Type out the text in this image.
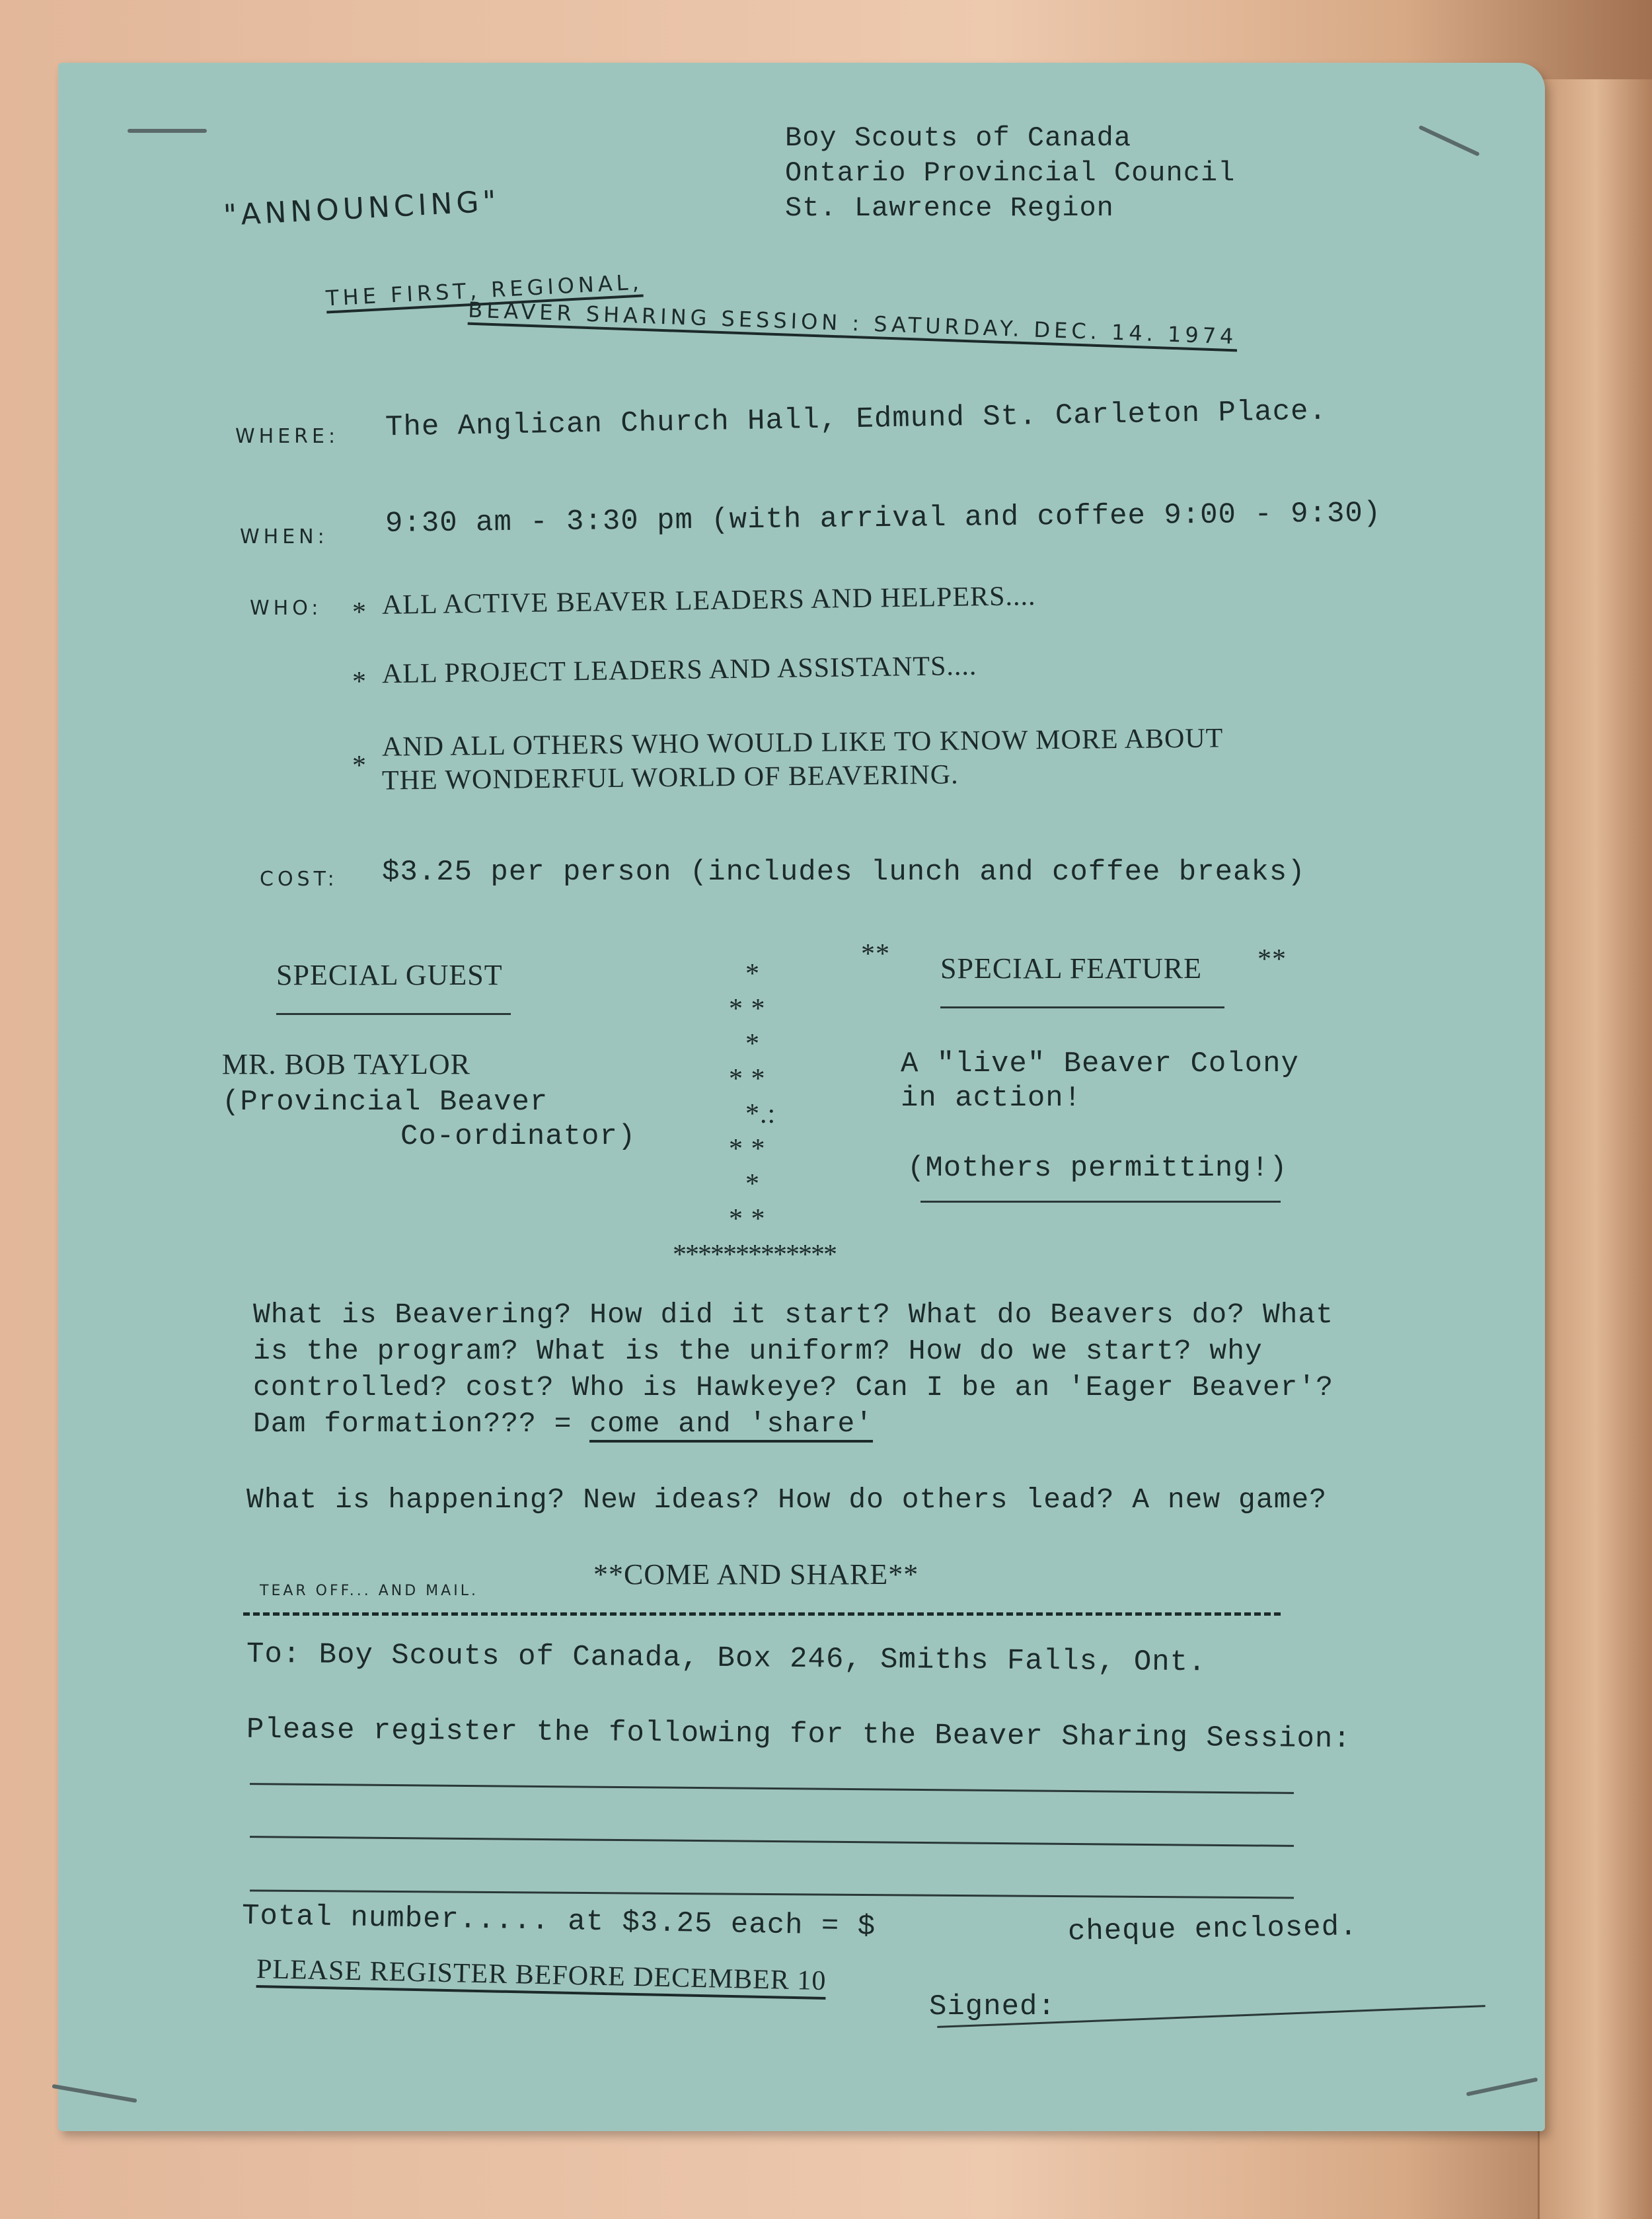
Boy Scouts of Canada
Ontario Provincial Council
St. Lawrence Region
"ANNOUNCING"
THE FIRST, REGIONAL,
BEAVER SHARING SESSION : SATURDAY. DEC. 14. 1974
WHERE: The Anglican Church Hall, Edmund St. Carleton Place.
WHEN: 9:30 am - 3:30 pm (with arrival and coffee 9:00 - 9:30)
WHO: * ALL ACTIVE BEAVER LEADERS AND HELPERS....
* ALL PROJECT LEADERS AND ASSISTANTS....
*
AND ALL OTHERS WHO WOULD LIKE TO KNOW MORE ABOUT
THE WONDERFUL WORLD OF BEAVERING.
COST: $3.25 per person (includes lunch and coffee breaks)
SPECIAL GUEST
MR. BOB TAYLOR
(Provincial Beaver
Co-ordinator)
*
* *
*
* *
*.:
* *
*
* *
*************
** SPECIAL FEATURE **
A "live" Beaver Colony
in action!
(Mothers permitting!)
What is Beavering? How did it start? What do Beavers do? What
is the program? What is the uniform? How do we start? why
controlled? cost? Who is Hawkeye? Can I be an 'Eager Beaver'?
Dam formation??? = come and 'share'
What is happening? New ideas? How do others lead? A new game?
**COME AND SHARE**
TEAR OFF... AND MAIL.
To: Boy Scouts of Canada, Box 246, Smiths Falls, Ont.
Please register the following for the Beaver Sharing Session:
Total number..... at $3.25 each = $	cheque enclosed.
PLEASE REGISTER BEFORE DECEMBER 10
Signed:
